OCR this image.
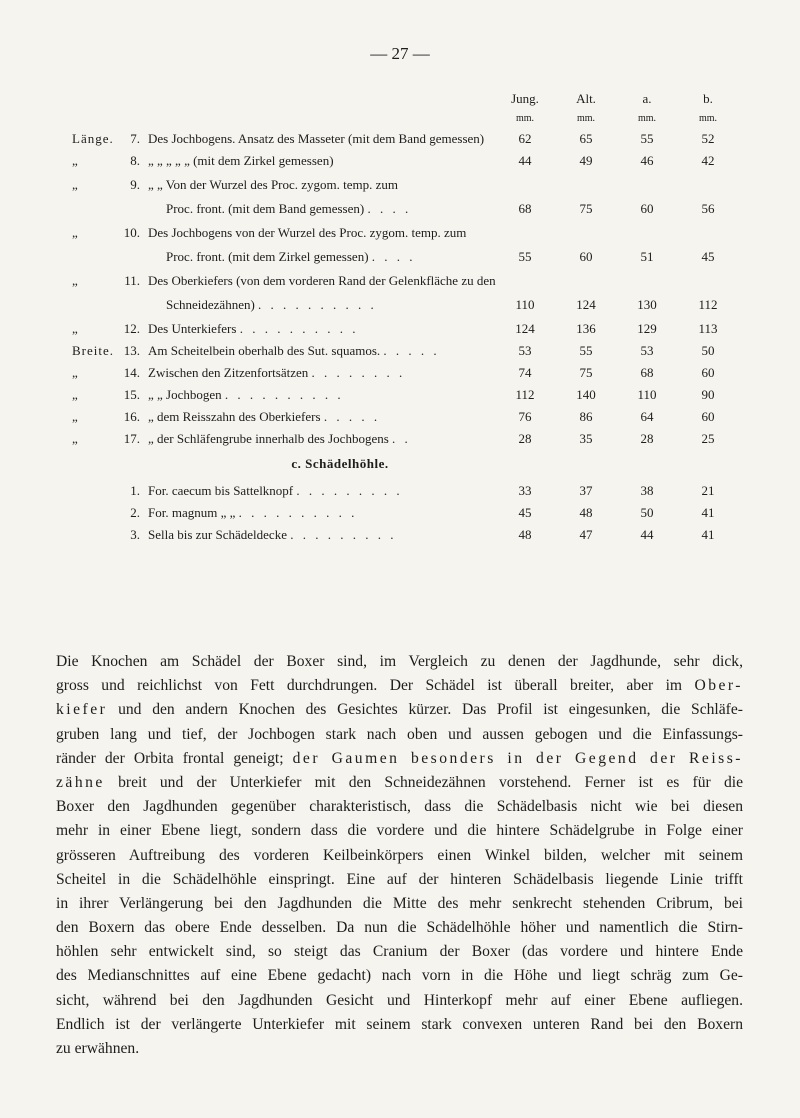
— 27 —
Jung.	Alt.	a.	b.
mm.	mm.	mm.	mm.
Länge.	7. Des Jochbogens. Ansatz des Masseter (mit dem Band gemessen)	62	65	55	52
„	8. „ „ „ „ „ (mit dem Zirkel gemessen)	44	49	46	42
„	9. „ „ Von der Wurzel des Proc. zygom. temp. zum
Proc. front. (mit dem Band gemessen) . . . .	68	75	60	56
„	10. Des Jochbogens von der Wurzel des Proc. zygom. temp. zum
Proc. front. (mit dem Zirkel gemessen) . . . .	55	60	51	45
„	11. Des Oberkiefers (von dem vorderen Rand der Gelenkfläche zu den
Schneidezähnen) . . . . . . . . . .	110	124	130	112
„	12. Des Unterkiefers . . . . . . . . . .	124	136	129	113
Breite. 13. Am Scheitelbein oberhalb des Sut. squamos. . . . . .	53	55	53	50
„	14. Zwischen den Zitzenfortsätzen . . . . . . . .	74	75	68	60
„	15. „ „ Jochbogen . . . . . . . . . .	112	140	110	90
„	16. „ dem Reisszahn des Oberkiefers . . . . .	76	86	64	60
„	17. „ der Schläfengrube innerhalb des Jochbogens . .	28	35	28	25
c. Schädelhöhle.
1. For. caecum bis Sattelknopf . . . . . . . . .	33	37	38	21
2. For. magnum „ „ . . . . . . . . . .	45	48	50	41
3. Sella bis zur Schädeldecke . . . . . . . . .	48	47	44	41
Die Knochen am Schädel der Boxer sind, im Vergleich zu denen der Jagdhunde, sehr dick,
gross und reichlichst von Fett durchdrungen. Der Schädel ist überall breiter, aber im Ober-
kiefer und den andern Knochen des Gesichtes kürzer. Das Profil ist eingesunken, die Schläfe-
gruben lang und tief, der Jochbogen stark nach oben und aussen gebogen und die Einfassungs-
ränder der Orbita frontal geneigt; der Gaumen besonders in der Gegend der Reiss-
zähne breit und der Unterkiefer mit den Schneidezähnen vorstehend. Ferner ist es für die
Boxer den Jagdhunden gegenüber charakteristisch, dass die Schädelbasis nicht wie bei diesen
mehr in einer Ebene liegt, sondern dass die vordere und die hintere Schädelgrube in Folge einer
grösseren Auftreibung des vorderen Keilbeinkörpers einen Winkel bilden, welcher mit seinem
Scheitel in die Schädelhöhle einspringt. Eine auf der hinteren Schädelbasis liegende Linie trifft
in ihrer Verlängerung bei den Jagdhunden die Mitte des mehr senkrecht stehenden Cribrum, bei
den Boxern das obere Ende desselben. Da nun die Schädelhöhle höher und namentlich die Stirn-
höhlen sehr entwickelt sind, so steigt das Cranium der Boxer (das vordere und hintere Ende
des Medianschnittes auf eine Ebene gedacht) nach vorn in die Höhe und liegt schräg zum Ge-
sicht, während bei den Jagdhunden Gesicht und Hinterkopf mehr auf einer Ebene aufliegen.
Endlich ist der verlängerte Unterkiefer mit seinem stark convexen unteren Rand bei den Boxern
zu erwähnen.
